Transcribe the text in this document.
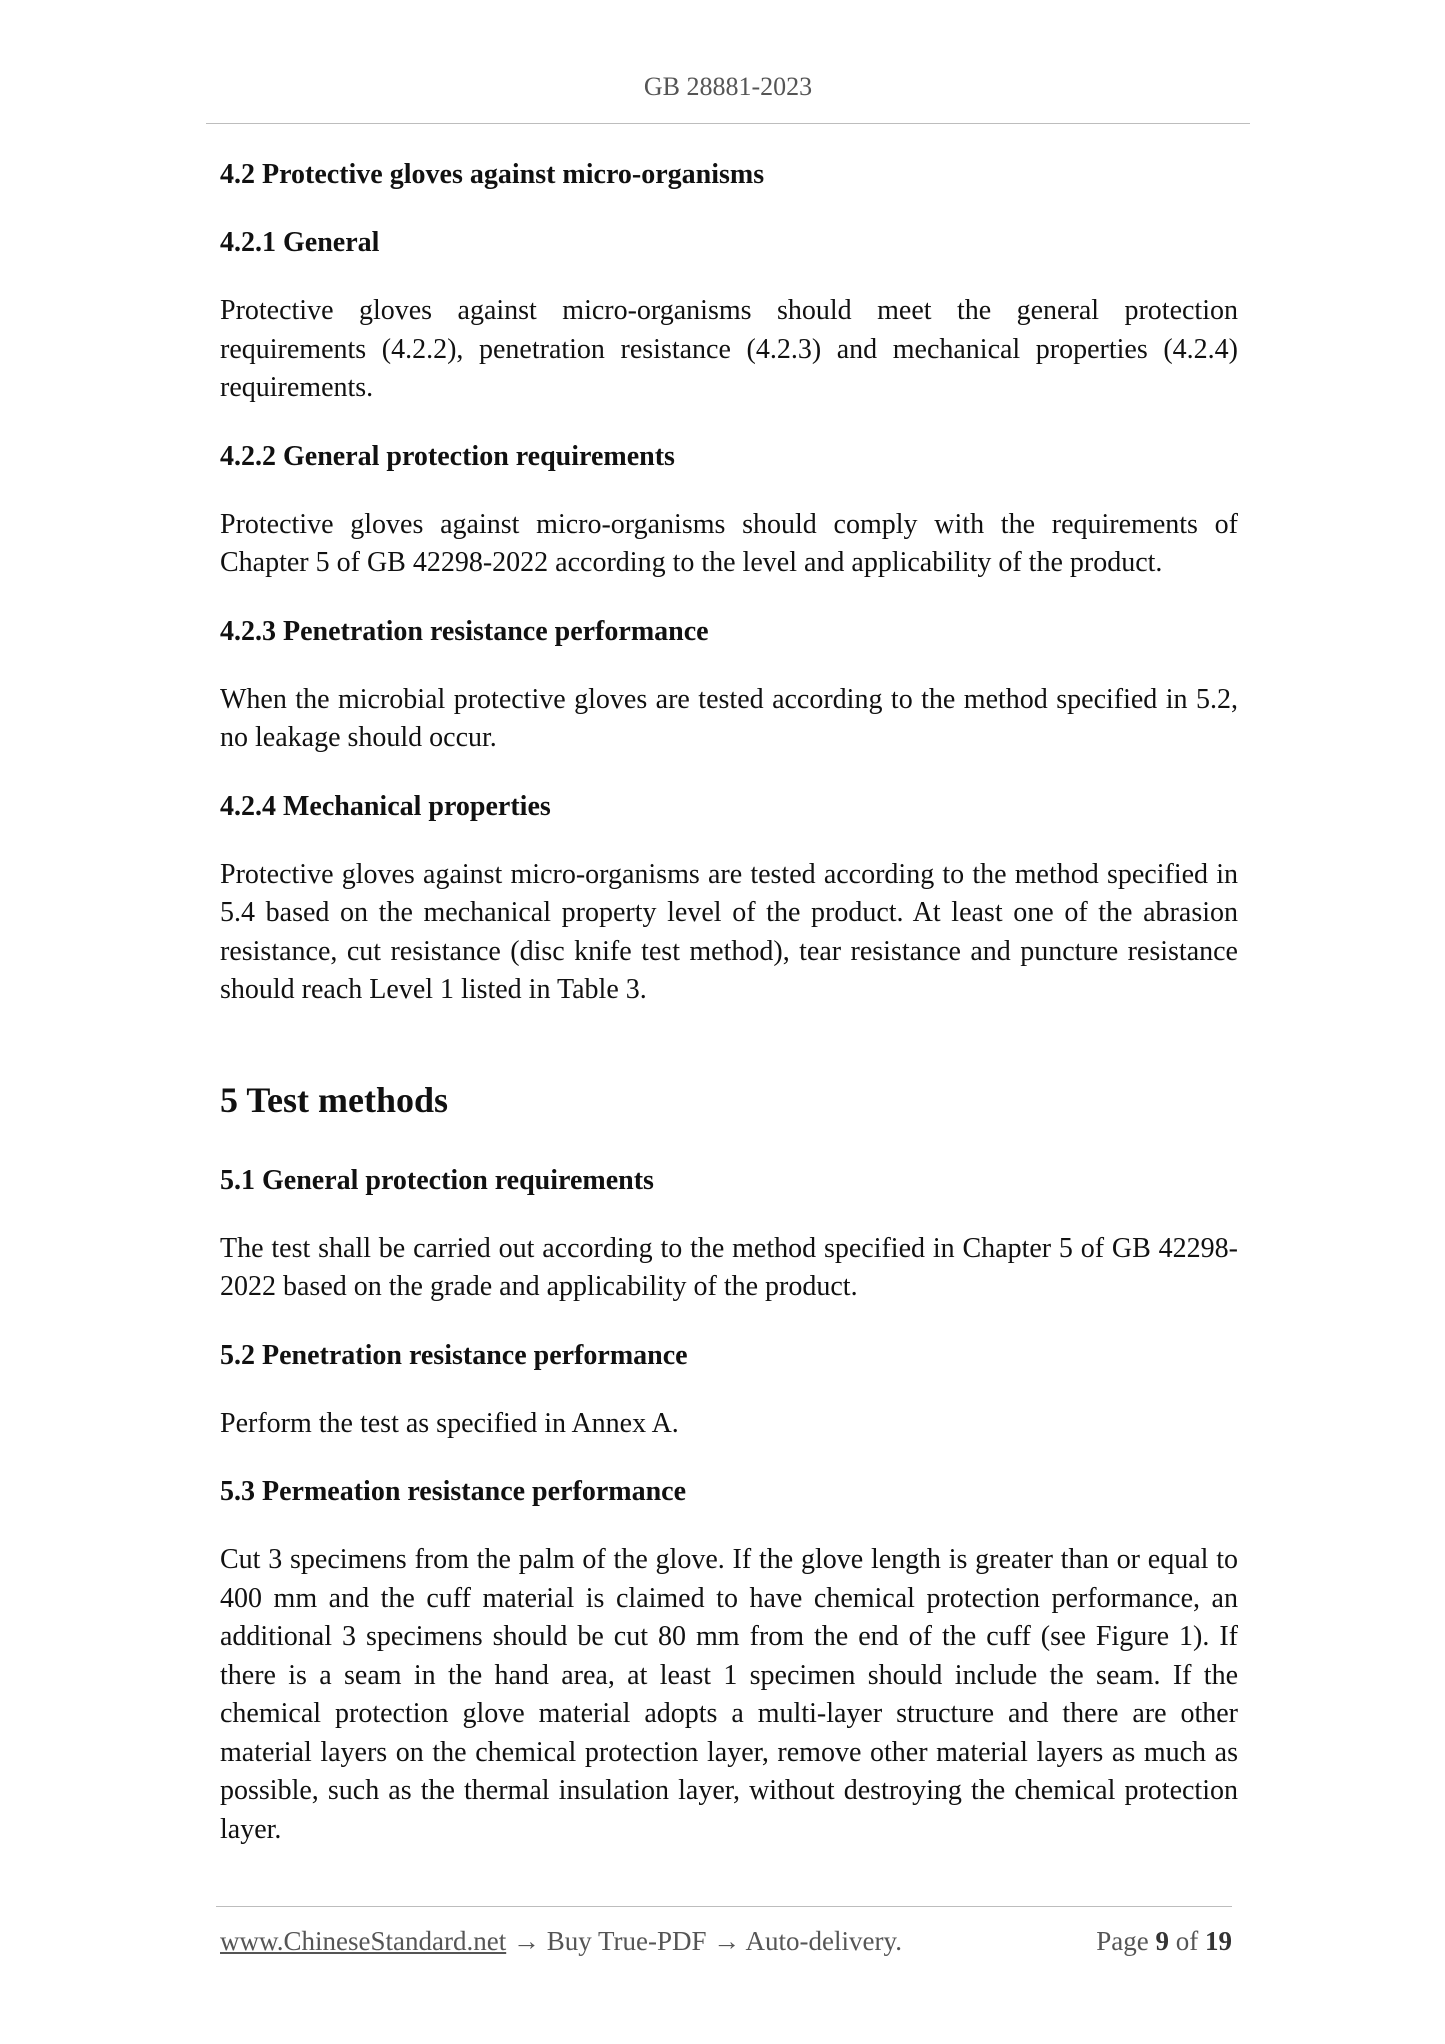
GB 28881-2023
4.2 Protective gloves against micro-organisms
4.2.1 General

Protective gloves against micro-organisms should meet the general protection requirements (4.2.2), penetration resistance (4.2.3) and mechanical properties (4.2.4) requirements.

4.2.2 General protection requirements

Protective gloves against micro-organisms should comply with the requirements of Chapter 5 of GB 42298-2022 according to the level and applicability of the product.

4.2.3 Penetration resistance performance

When the microbial protective gloves are tested according to the method specified in 5.2, no leakage should occur.

4.2.4 Mechanical properties

Protective gloves against micro-organisms are tested according to the method specified in 5.4 based on the mechanical property level of the product. At least one of the abrasion resistance, cut resistance (disc knife test method), tear resistance and puncture resistance should reach Level 1 listed in Table 3.

5 Test methods
5.1 General protection requirements

The test shall be carried out according to the method specified in Chapter 5 of GB 42298-2022 based on the grade and applicability of the product.

5.2 Penetration resistance performance

Perform the test as specified in Annex A.

5.3 Permeation resistance performance

Cut 3 specimens from the palm of the glove. If the glove length is greater than or equal to 400 mm and the cuff material is claimed to have chemical protection performance, an additional 3 specimens should be cut 80 mm from the end of the cuff (see Figure 1). If there is a seam in the hand area, at least 1 specimen should include the seam. If the chemical protection glove material adopts a multi-layer structure and there are other material layers on the chemical protection layer, remove other material layers as much as possible, such as the thermal insulation layer, without destroying the chemical protection layer.

www.ChineseStandard.net → Buy True-PDF → Auto-delivery.	Page 9 of 19
